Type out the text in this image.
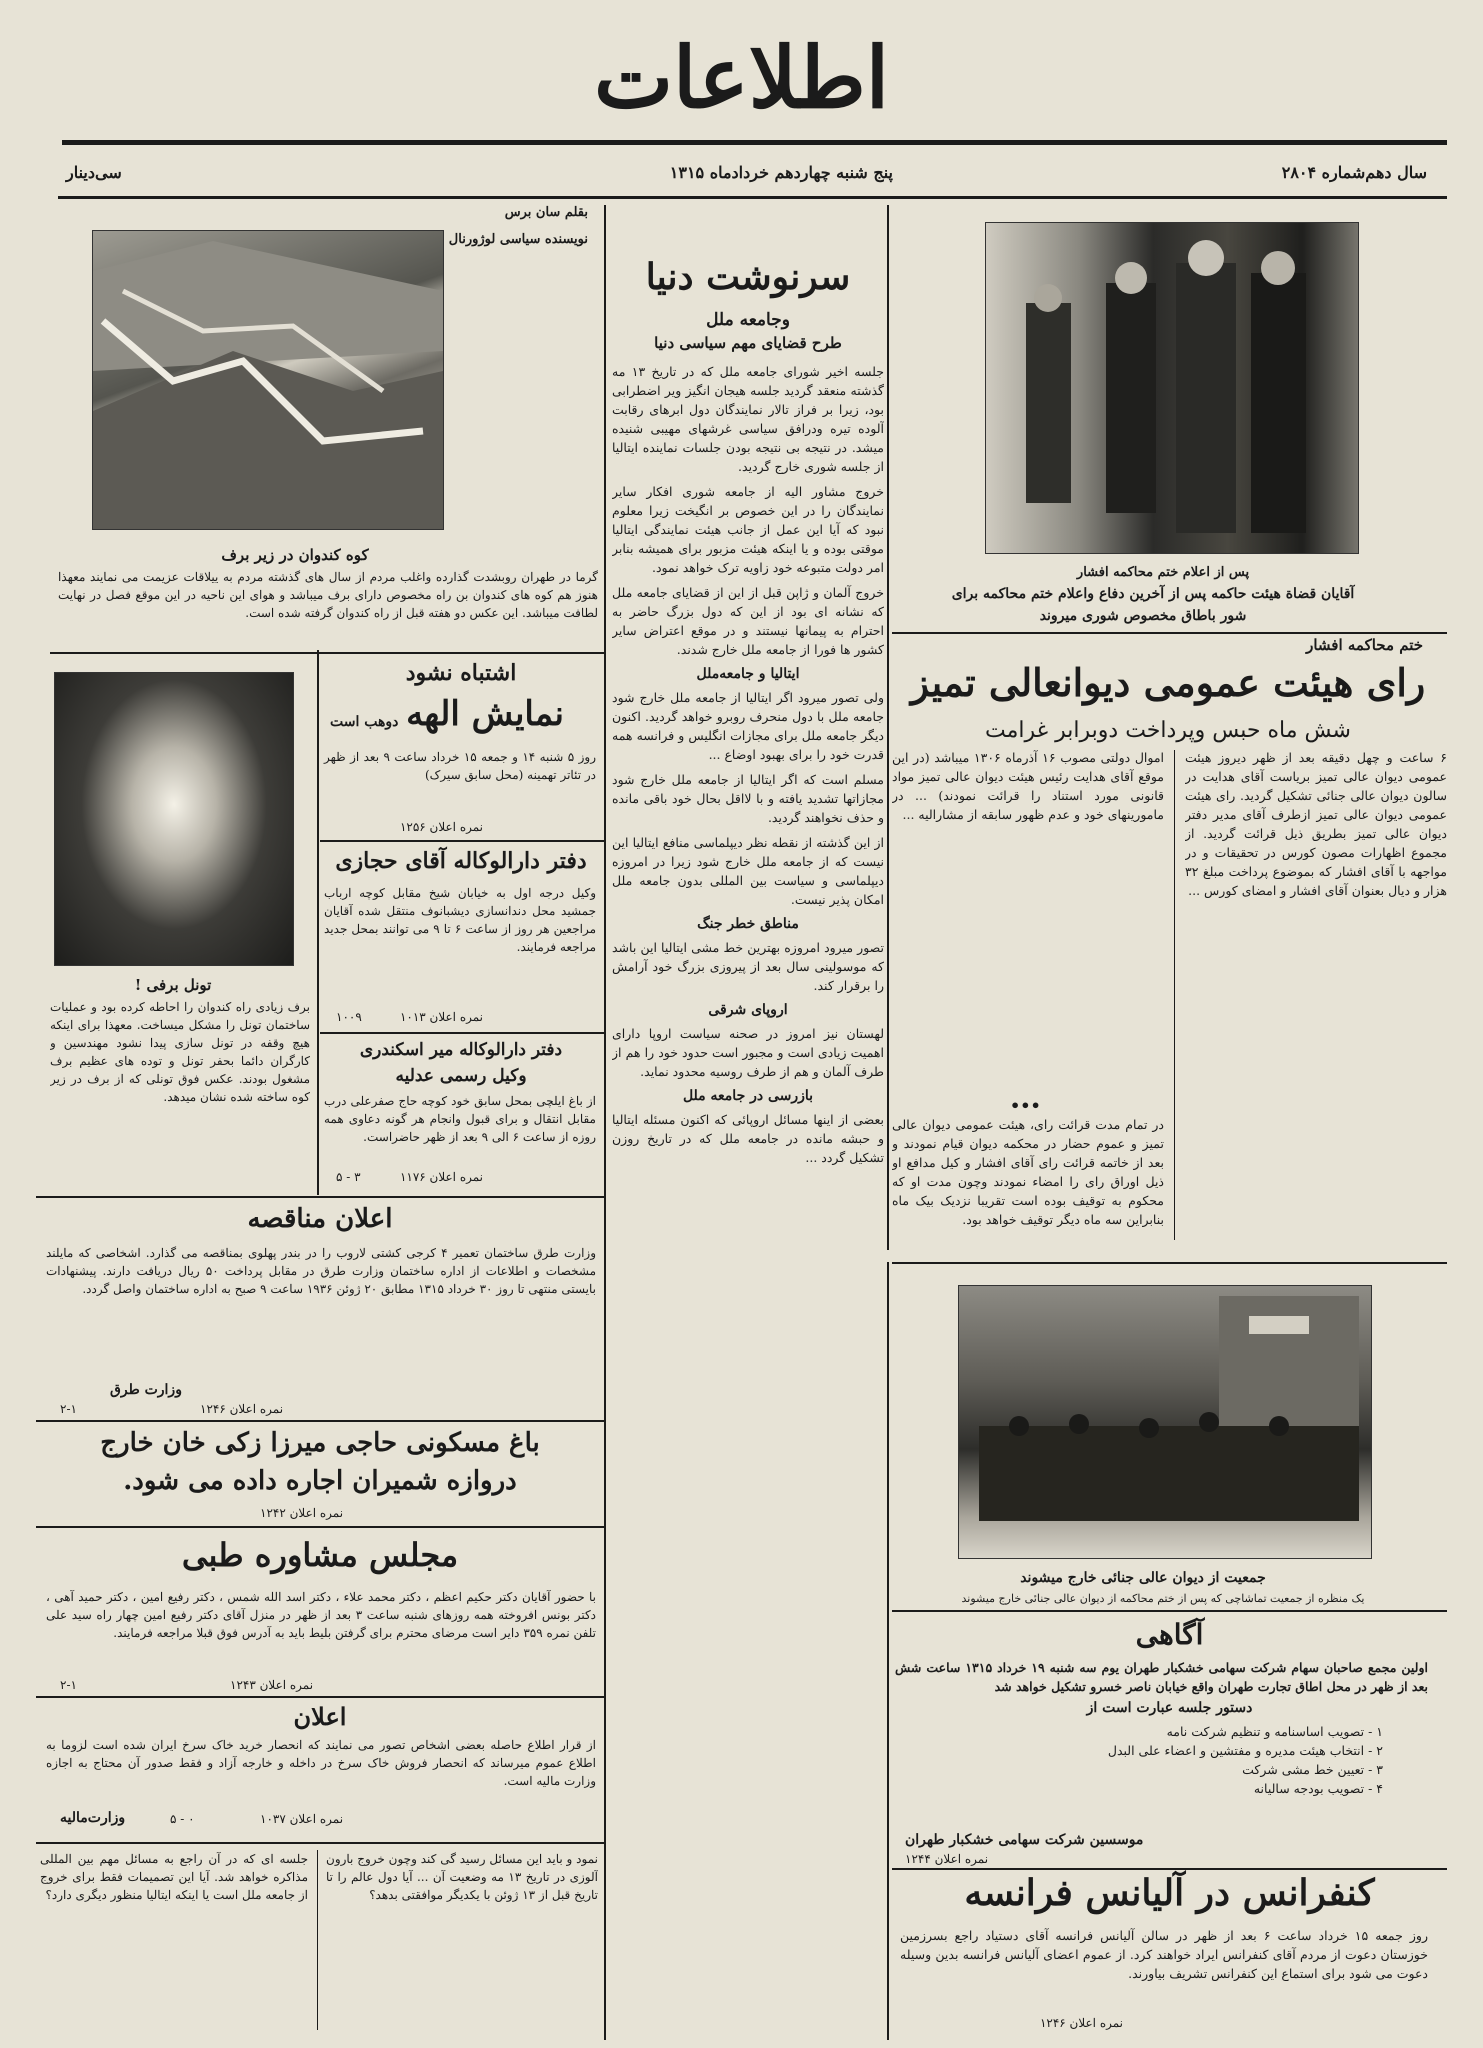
اطلاعات
سال دهم‌شماره ۲۸۰۴
پنج شنبه چهاردهم خردادماه ۱۳۱۵
سی‌دینار
پس از اعلام ختم محاکمه افشار
آقایان قضاة هیئت حاکمه پس از آخرین دفاع واعلام ختم محاکمه برای
شور باطاق مخصوص شوری میروند
ختم محاکمه افشار
رای هیئت عمومی دیوانعالی تمیز
شش ماه حبس وپرداخت دوبرابر غرامت

۶ ساعت و چهل دقیقه بعد از ظهر دیروز هیئت عمومی دیوان عالی تمیز برياست آقای هدایت در سالون دیوان عالی جنائی تشکیل گردید. رای هیئت عمومی دیوان عالی تمیز ازطرف آقای مدیر دفتر دیوان عالی تمیز بطریق ذیل قرائت گردید. از مجموع اظهارات مصون کورس در تحقیقات و در مواجهه با آقای افشار که بموضوع پرداخت مبلغ ۳۲ هزار و دیال بعنوان آقای افشار و امضای کورس ...

اموال دولتی مصوب ۱۶ آذرماه ۱۳۰۶ میباشد (در این موقع آقای هدایت رئیس هیئت دیوان عالی تمیز مواد قانونی مورد استناد را قرائت نمودند) ... در مامورینهای خود و عدم ظهور سابقه از مشارالیه ...

•••

در تمام مدت قرائت رای، هیئت عمومی دیوان عالی تمیز و عموم حضار در محکمه دیوان قیام نمودند و بعد از خاتمه قرائت رای آقای افشار و کیل مدافع او ذیل اوراق رای را امضاء نمودند وچون مدت او که محکوم به توقیف بوده است تقریبا نزدیک بیک ماه بنابراین سه ماه دیگر توقیف خواهد بود.

جمعیت از دیوان عالی جنائی خارج میشوند
یک منظره از جمعیت تماشاچی که پس از ختم محاکمه از دیوان عالی جنائی خارج میشوند
آگاهی
اولین مجمع صاحبان سهام شرکت سهامی خشکبار طهران یوم سه شنبه ۱۹ خرداد ۱۳۱۵ ساعت شش بعد از ظهر در محل اطاق تجارت طهران واقع خیابان ناصر خسرو تشکیل خواهد شد
دستور جلسه عبارت است از
۱ - تصویب اساسنامه و تنظیم شرکت نامه
۲ - انتخاب هیئت مدیره و مفتشین و اعضاء علی البدل
۳ - تعیین خط مشی شرکت
۴ - تصویب بودجه سالیانه
موسسین شرکت سهامی خشکبار طهران
نمره اعلان ۱۲۴۴
کنفرانس در آلیانس فرانسه
روز جمعه ۱۵ خرداد ساعت ۶ بعد از ظهر در سالن آلیانس فرانسه آقای دستیاد راجع بسرزمین خوزستان دعوت از مردم آقای کنفرانس ایراد خواهند کرد. از عموم اعضای آلیانس فرانسه بدین وسیله دعوت می شود برای استماع این کنفرانس تشریف بیاورند.
نمره اعلان ۱۲۴۶
بقلم سان برس
نویسنده سیاسی لوژورنال
سرنوشت دنیا
وجامعه ملل
طرح قضایای مهم سیاسی دنیا

جلسه اخیر شورای جامعه ملل که در تاریخ ۱۳ مه گذشته منعقد گردید جلسه هیجان انگیز ویر اضطرابی بود، زیرا بر فراز تالار نمایندگان دول ابرهای رقابت آلوده تیره ودرافق سیاسی غرشهای مهیبی شنیده میشد. در نتیجه بی نتیجه بودن جلسات نماینده ایتالیا از جلسه شوری خارج گردید.

خروج مشاور الیه از جامعه شوری افکار سایر نمایندگان را در این خصوص بر انگیخت زیرا معلوم نبود که آیا این عمل از جانب هیئت نمایندگی ایتالیا موقتی بوده و یا اینکه هیئت مزبور برای همیشه بنابر امر دولت متبوعه خود زاویه ترک خواهد نمود.

خروج آلمان و ژاپن قبل از این از قضایای جامعه ملل که نشانه ای بود از این که دول بزرگ حاضر به احترام به پیمانها نیستند و در موقع اعتراض سایر کشور ها فورا از جامعه ملل خارج شدند.

ایتالیا و جامعه‌ملل

ولی تصور میرود اگر ایتالیا از جامعه ملل خارج شود جامعه ملل با دول منحرف روبرو خواهد گردید. اکنون دیگر جامعه ملل برای مجازات انگلیس و فرانسه همه قدرت خود را برای بهبود اوضاع ...

مسلم است که اگر ایتالیا از جامعه ملل خارج شود مجازاتها تشدید یافته و با لااقل بحال خود باقی مانده و حذف نخواهند گردید.

از این گذشته از نقطه نظر دیپلماسی منافع ایتالیا این نیست که از جامعه ملل خارج شود زیرا در امروزه دیپلماسی و سیاست بین المللی بدون جامعه ملل امکان پذیر نیست.

مناطق خطر جنگ

تصور میرود امروزه بهترین خط مشی ایتالیا این باشد که موسولینی سال بعد از پیروزی بزرگ خود آرامش را برقرار کند.

اروپای شرقی

لهستان نیز امروز در صحنه سیاست اروپا دارای اهمیت زیادی است و مجبور است حدود خود را هم از طرف آلمان و هم از طرف روسیه محدود نماید.

بازرسی در جامعه ملل

بعضی از اینها مسائل اروپائی که اکنون مسئله ایتالیا و حبشه مانده در جامعه ملل که در تاریخ روزن تشکیل گردد ...

کوه کندوان در زیر برف
گرما در طهران روبشدت گذارده واغلب مردم از سال های گذشته مردم به ییلاقات عزیمت می نمایند معهذا هنوز هم کوه های کندوان بن راه مخصوص دارای برف میباشد و هوای این ناحیه در این موقع فصل در نهایت لطافت میباشد. این عکس دو هفته قبل از راه کندوان گرفته شده است.
تونل برفی !

برف زیادی راه کندوان را احاطه کرده بود و عملیات ساختمان تونل را مشکل میساخت. معهذا برای اینکه هیچ وقفه در تونل سازی پیدا نشود مهندسین و کارگران دائما بحفر تونل و توده های عظیم برف مشغول بودند. عکس فوق تونلی که از برف در زیر کوه ساخته شده نشان میدهد.

اشتباه نشود
نمایش الهه
دوهب است
روز ۵ شنبه ۱۴ و جمعه ۱۵ خرداد ساعت ۹ بعد از ظهر در تئاتر تهمینه (محل سابق سیرک)
نمره اعلان ۱۲۵۶
دفتر دارالوکاله آقای حجازی
وکیل درجه اول به خیابان شیخ مقابل کوچه ارباب جمشید محل دندانسازی دیشبانوف منتقل شده آقایان مراجعین هر روز از ساعت ۶ تا ۹ می توانند بمحل جدید مراجعه فرمایند.
نمره اعلان ۱۰۱۳
۱۰۰۹
دفتر دارالوکاله میر اسکندری
وکیل رسمی عدلیه
از باغ ایلچی بمحل سابق خود کوچه حاج صفرعلی درب مقابل انتقال و برای قبول وانجام هر گونه دعاوی همه روزه از ساعت ۶ الی ۹ بعد از ظهر حاضراست.
نمره اعلان ۱۱۷۶
۳ - ۵
اعلان مناقصه
وزارت طرق ساختمان تعمیر ۴ کرجی کشتی لاروب را در بندر پهلوی بمناقصه می گذارد. اشخاصی که مایلند مشخصات و اطلاعات از اداره ساختمان وزارت طرق در مقابل پرداخت ۵۰ ریال دریافت دارند. پیشنهادات بایستی منتهی تا روز ۳۰ خرداد ۱۳۱۵ مطابق ۲۰ ژوئن ۱۹۳۶ ساعت ۹ صبح به اداره ساختمان واصل گردد.
وزارت طرق
نمره اعلان ۱۲۴۶
۲-۱
باغ مسکونی حاجی میرزا زکی خان خارج
دروازه شمیران اجاره داده می شود.
نمره اعلان ۱۲۴۲
مجلس مشاوره طبی
با حضور آقایان دکتر حکیم اعظم ، دکتر محمد علاء ، دکتر اسد الله شمس ، دکتر رفیع امین ، دکتر حمید آهی ، دکتر بونس افروخته همه روزهای شنبه ساعت ۳ بعد از ظهر در منزل آقای دکتر رفیع امین چهار راه سید علی تلفن نمره ۳۵۹ دایر است مرضای محترم برای گرفتن بلیط باید به آدرس فوق قبلا مراجعه فرمایند.
نمره اعلان ۱۲۴۳
۲-۱
اعلان
از قرار اطلاع حاصله بعضی اشخاص تصور می نمایند که انحصار خرید خاک سرخ ایران شده است لزوما به اطلاع عموم میرساند که انحصار فروش خاک سرخ در داخله و خارجه آزاد و فقط صدور آن محتاج به اجازه وزارت مالیه است.
وزارت‌مالیه	نمره اعلان ۱۰۳۷
۰ - ۵

جلسه ای که در آن راجع به مسائل مهم بین المللی مذاکره خواهد شد. آیا این تصمیمات فقط برای خروج از جامعه ملل است یا اینکه ایتالیا منظور دیگری دارد؟

نمود و باید این مسائل رسید گی کند وچون خروج بارون آلوزی در تاریخ ۱۳ مه وضعیت آن ... آیا دول عالم را تا تاریخ قبل از ۱۳ ژوئن با یکدیگر موافقتی بدهد؟
